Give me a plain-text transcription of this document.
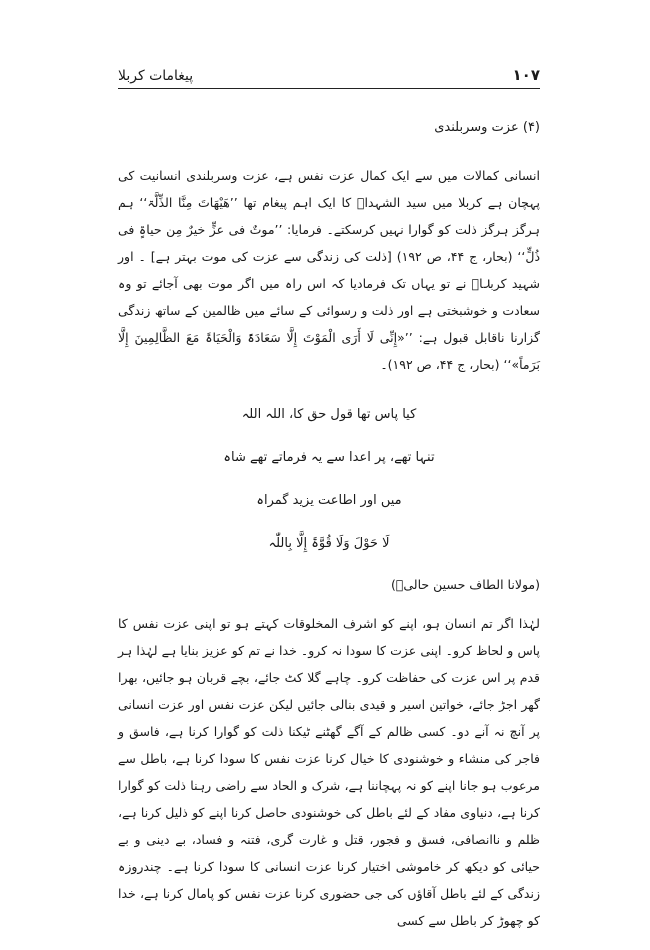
۱۰۷
پیغامات کربلا

(۴) عزت وسربلندی

انسانی کمالات میں سے ایک کمال عزت نفس ہے، عزت وسربلندی انسانیت کی پہچان ہے کربلا میں سید الشہداؑ کا ایک اہم پیغام تھا ’’ھَیْھَاتَ مِنَّا الذِّلَّۃ‘‘ ہم ہرگز ہرگز ذلت کو گوارا نہیں کرسکتے۔ فرمایا: ’’موتٌ فی عزٍّ خیرٌ مِن حیاۃٍ فی ذُلٍّ‘‘ (بحار، ج ۴۴، ص ۱۹۲) [ذلت کی زندگی سے عزت کی موت بہتر ہے] ۔ اور شہید کربلاؑ نے تو یہاں تک فرمادیا کہ اس راہ میں اگر موت بھی آجائے تو وہ سعادت و خوشبختی ہے اور ذلت و رسوائی کے سائے میں ظالمین کے ساتھ زندگی گزارنا ناقابل قبول ہے: ’’«إِنِّی لَا أَرَی الْمَوْتَ إِلَّا سَعَادَۃً وَالْحَیَاۃَ مَعَ الظَّالِمِینَ إِلَّا بَرَماً»‘‘ (بحار، ج ۴۴، ص ۱۹۲)۔

کیا پاس تھا قول حق کا، اللہ اللہ

تنہا تھے، پر اعدا سے یہ فرماتے تھے شاہ

میں اور اطاعت یزید گمراہ

لَا حَوْلَ وَلَا قُوَّۃَ إِلَّا بِاللّٰہ

(مولانا الطاف حسین حالیؔ)

لہٰذا اگر تم انسان ہو، اپنے کو اشرف المخلوقات کہتے ہو تو اپنی عزت نفس کا پاس و لحاظ کرو۔ اپنی عزت کا سودا نہ کرو۔ خدا نے تم کو عزیز بنایا ہے لہٰذا ہر قدم پر اس عزت کی حفاظت کرو۔ چاہے گلا کٹ جائے، بچے قربان ہو جائیں، بھرا گھر اجڑ جائے، خواتین اسیر و قیدی بنالی جائیں لیکن عزت نفس اور عزت انسانی پر آنچ نہ آنے دو۔ کسی ظالم کے آگے گھٹنے ٹیکنا ذلت کو گوارا کرنا ہے، فاسق و فاجر کی منشاء و خوشنودی کا خیال کرنا عزت نفس کا سودا کرنا ہے، باطل سے مرعوب ہو جانا اپنے کو نہ پہچاننا ہے، شرک و الحاد سے راضی رہنا ذلت کو گوارا کرنا ہے، دنیاوی مفاد کے لئے باطل کی خوشنودی حاصل کرنا اپنے کو ذلیل کرنا ہے، ظلم و ناانصافی، فسق و فجور، قتل و غارت گری، فتنہ و فساد، بے دینی و بے حیائی کو دیکھ کر خاموشی اختیار کرنا عزت انسانی کا سودا کرنا ہے۔ چندروزہ زندگی کے لئے باطل آقاؤں کی جی حضوری کرنا عزت نفس کو پامال کرنا ہے، خدا کو چھوڑ کر باطل سے کسی
